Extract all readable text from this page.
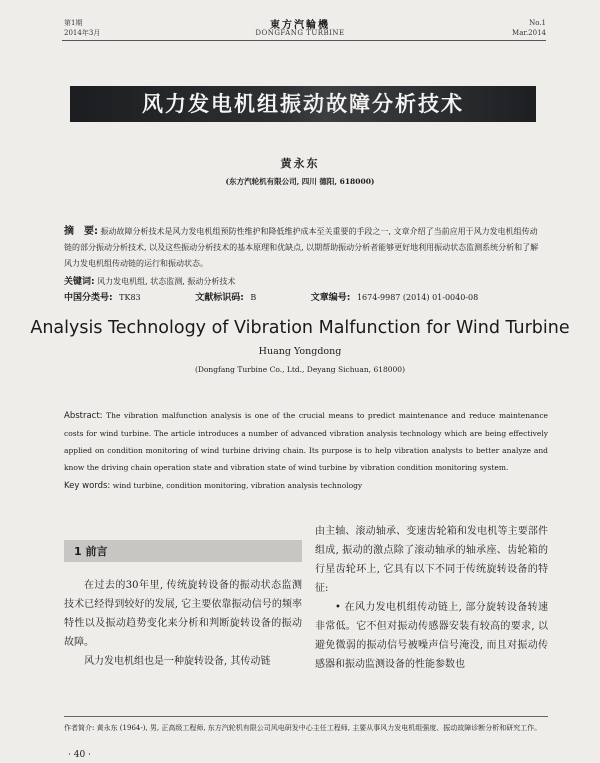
第1期
2014年3月
東方汽輪機
DONGFANG TURBINE
No.1
Mar.2014
风力发电机组振动故障分析技术
黄永东
(东方汽轮机有限公司, 四川 德阳, 618000)
摘　要: 振动故障分析技术是风力发电机组预防性维护和降低维护成本至关重要的手段之一, 文章介绍了当前应用于风力发电机组传动链的部分振动分析技术, 以及这些振动分析技术的基本原理和优缺点, 以期帮助振动分析者能够更好地利用振动状态监测系统分析和了解风力发电机组传动链的运行和振动状态。
关键词: 风力发电机组, 状态监测, 振动分析技术
中国分类号: TK83	文献标识码: B	文章编号: 1674-9987 (2014) 01-0040-08
Analysis Technology of Vibration Malfunction for Wind Turbine
Huang Yongdong
(Dongfang Turbine Co., Ltd., Deyang Sichuan, 618000)
Abstract: The vibration malfunction analysis is one of the crucial means to predict maintenance and reduce maintenance costs for wind turbine. The article introduces a number of advanced vibration analysis technology which are being effectively applied on condition monitoring of wind turbine driving chain. Its purpose is to help vibration analysts to better analyze and know the driving chain operation state and vibration state of wind turbine by vibration condition monitoring system.
Key words: wind turbine, condition monitoring, vibration analysis technology
1 前言

在过去的30年里, 传统旋转设备的振动状态监测技术已经得到较好的发展, 它主要依靠振动信号的频率特性以及振动趋势变化来分析和判断旋转设备的振动故障。

风力发电机组也是一种旋转设备, 其传动链

由主轴、滚动轴承、变速齿轮箱和发电机等主要部件组成, 振动的激点除了滚动轴承的轴承座、齿轮箱的行星齿轮环上, 它具有以下不同于传统旋转设备的特征:

• 在风力发电机组传动链上, 部分旋转设备转速非常低。它不但对振动传感器安装有较高的要求, 以避免微弱的振动信号被噪声信号淹没, 而且对振动传感器和振动监测设备的性能参数也

作者简介: 黄永东 (1964-), 男, 正高级工程师, 东方汽轮机有限公司风电研发中心主任工程师, 主要从事风力发电机组强度、振动故障诊断分析和研究工作。
· 40 ·
